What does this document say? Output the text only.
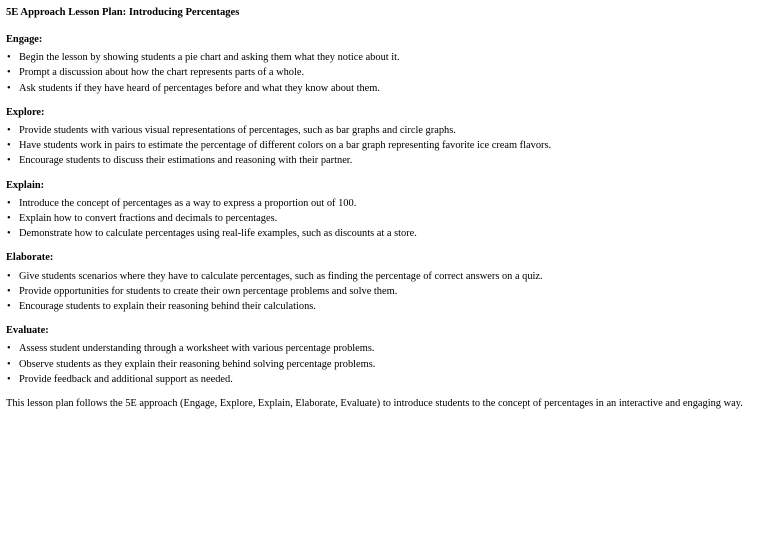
5E Approach Lesson Plan: Introducing Percentages
Engage:
• Begin the lesson by showing students a pie chart and asking them what they notice about it.
• Prompt a discussion about how the chart represents parts of a whole.
• Ask students if they have heard of percentages before and what they know about them.
Explore:
• Provide students with various visual representations of percentages, such as bar graphs and circle graphs.
• Have students work in pairs to estimate the percentage of different colors on a bar graph representing favorite ice cream flavors.
• Encourage students to discuss their estimations and reasoning with their partner.
Explain:
• Introduce the concept of percentages as a way to express a proportion out of 100.
• Explain how to convert fractions and decimals to percentages.
• Demonstrate how to calculate percentages using real-life examples, such as discounts at a store.
Elaborate:
• Give students scenarios where they have to calculate percentages, such as finding the percentage of correct answers on a quiz.
• Provide opportunities for students to create their own percentage problems and solve them.
• Encourage students to explain their reasoning behind their calculations.
Evaluate:
• Assess student understanding through a worksheet with various percentage problems.
• Observe students as they explain their reasoning behind solving percentage problems.
• Provide feedback and additional support as needed.

This lesson plan follows the 5E approach (Engage, Explore, Explain, Elaborate, Evaluate) to introduce students to the concept of percentages in an interactive and engaging way.
